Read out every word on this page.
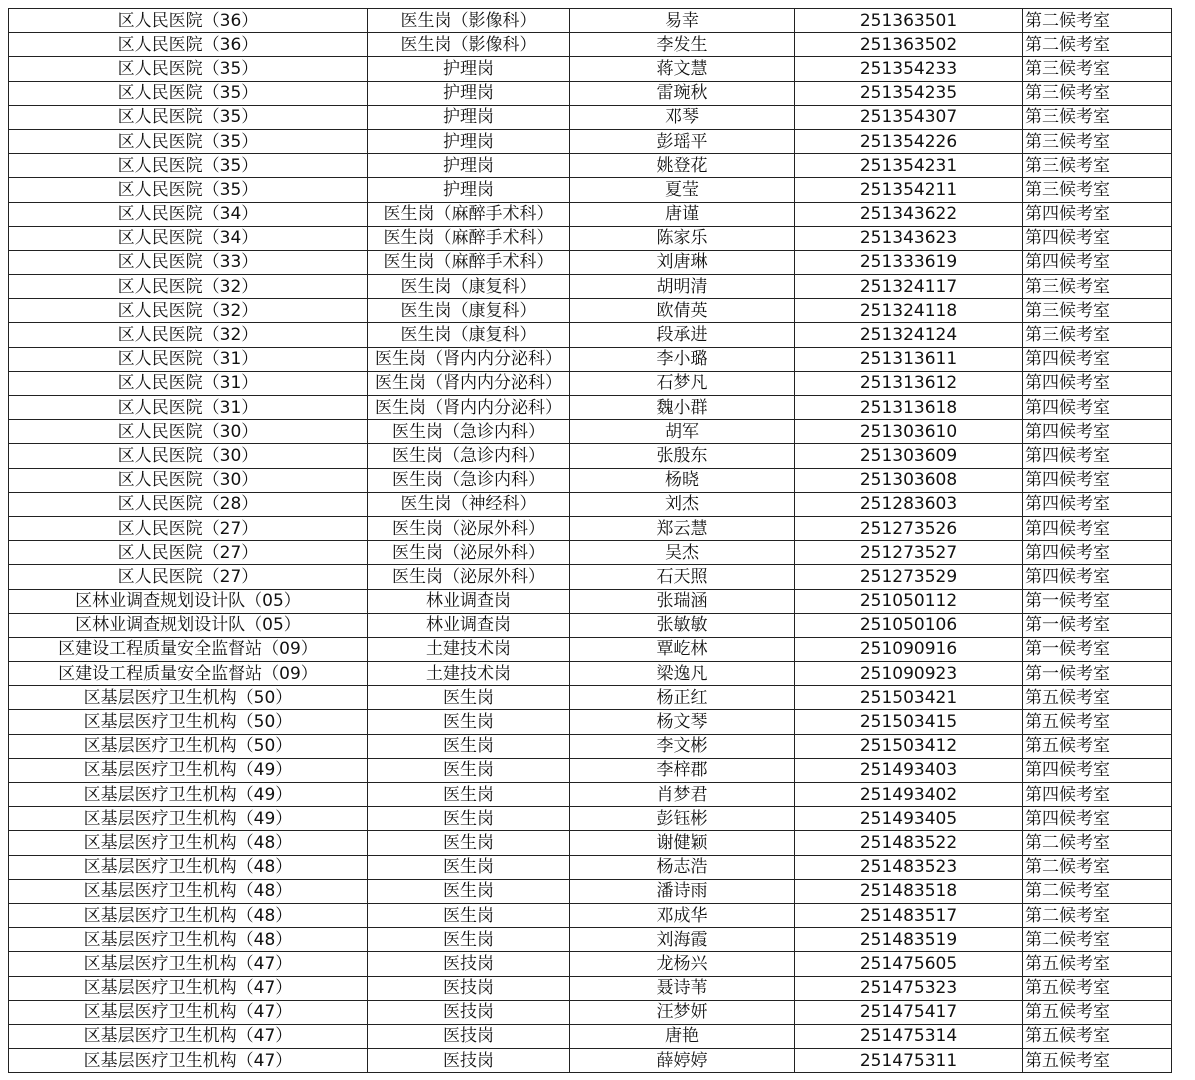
区人民医院（36）	医生岗（影像科）	易幸	251363501	第二候考室
区人民医院（36）	医生岗（影像科）	李发生	251363502	第二候考室
区人民医院（35）	护理岗	蒋文慧	251354233	第三候考室
区人民医院（35）	护理岗	雷琬秋	251354235	第三候考室
区人民医院（35）	护理岗	邓琴	251354307	第三候考室
区人民医院（35）	护理岗	彭瑶平	251354226	第三候考室
区人民医院（35）	护理岗	姚登花	251354231	第三候考室
区人民医院（35）	护理岗	夏莹	251354211	第三候考室
区人民医院（34）	医生岗（麻醉手术科）	唐谨	251343622	第四候考室
区人民医院（34）	医生岗（麻醉手术科）	陈家乐	251343623	第四候考室
区人民医院（33）	医生岗（麻醉手术科）	刘唐琳	251333619	第四候考室
区人民医院（32）	医生岗（康复科）	胡明清	251324117	第三候考室
区人民医院（32）	医生岗（康复科）	欧倩英	251324118	第三候考室
区人民医院（32）	医生岗（康复科）	段承进	251324124	第三候考室
区人民医院（31）	医生岗（肾内内分泌科）	李小璐	251313611	第四候考室
区人民医院（31）	医生岗（肾内内分泌科）	石梦凡	251313612	第四候考室
区人民医院（31）	医生岗（肾内内分泌科）	魏小群	251313618	第四候考室
区人民医院（30）	医生岗（急诊内科）	胡军	251303610	第四候考室
区人民医院（30）	医生岗（急诊内科）	张殷东	251303609	第四候考室
区人民医院（30）	医生岗（急诊内科）	杨晓	251303608	第四候考室
区人民医院（28）	医生岗（神经科）	刘杰	251283603	第四候考室
区人民医院（27）	医生岗（泌尿外科）	郑云慧	251273526	第四候考室
区人民医院（27）	医生岗（泌尿外科）	吴杰	251273527	第四候考室
区人民医院（27）	医生岗（泌尿外科）	石天照	251273529	第四候考室
区林业调查规划设计队（05）	林业调查岗	张瑞涵	251050112	第一候考室
区林业调查规划设计队（05）	林业调查岗	张敏敏	251050106	第一候考室
区建设工程质量安全监督站（09）	土建技术岗	覃屹林	251090916	第一候考室
区建设工程质量安全监督站（09）	土建技术岗	梁逸凡	251090923	第一候考室
区基层医疗卫生机构（50）	医生岗	杨正红	251503421	第五候考室
区基层医疗卫生机构（50）	医生岗	杨文琴	251503415	第五候考室
区基层医疗卫生机构（50）	医生岗	李文彬	251503412	第五候考室
区基层医疗卫生机构（49）	医生岗	李梓郡	251493403	第四候考室
区基层医疗卫生机构（49）	医生岗	肖梦君	251493402	第四候考室
区基层医疗卫生机构（49）	医生岗	彭钰彬	251493405	第四候考室
区基层医疗卫生机构（48）	医生岗	谢健颖	251483522	第二候考室
区基层医疗卫生机构（48）	医生岗	杨志浩	251483523	第二候考室
区基层医疗卫生机构（48）	医生岗	潘诗雨	251483518	第二候考室
区基层医疗卫生机构（48）	医生岗	邓成华	251483517	第二候考室
区基层医疗卫生机构（48）	医生岗	刘海霞	251483519	第二候考室
区基层医疗卫生机构（47）	医技岗	龙杨兴	251475605	第五候考室
区基层医疗卫生机构（47）	医技岗	聂诗苇	251475323	第五候考室
区基层医疗卫生机构（47）	医技岗	汪梦妍	251475417	第五候考室
区基层医疗卫生机构（47）	医技岗	唐艳	251475314	第五候考室
区基层医疗卫生机构（47）	医技岗	薛婷婷	251475311	第五候考室
